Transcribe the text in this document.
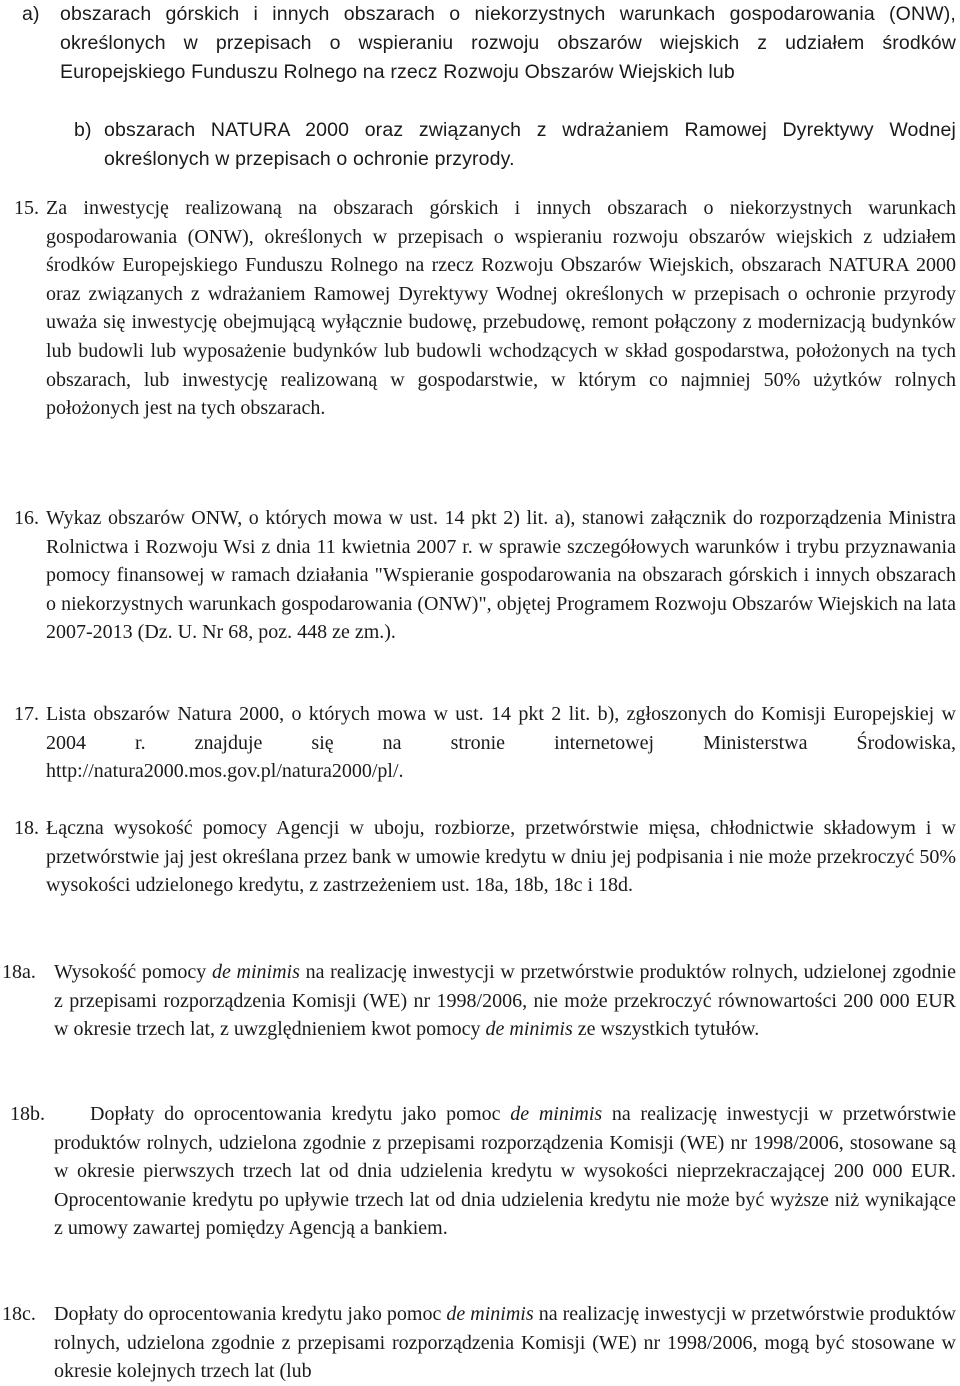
a) obszarach górskich i innych obszarach o niekorzystnych warunkach gospodarowania (ONW), określonych w przepisach o wspieraniu rozwoju obszarów wiejskich z udziałem środków Europejskiego Funduszu Rolnego na rzecz Rozwoju Obszarów Wiejskich lub
b) obszarach NATURA 2000 oraz związanych z wdrażaniem Ramowej Dyrektywy Wodnej określonych w przepisach o ochronie przyrody.
15. Za inwestycję realizowaną na obszarach górskich i innych obszarach o niekorzystnych warunkach gospodarowania (ONW), określonych w przepisach o wspieraniu rozwoju obszarów wiejskich z udziałem środków Europejskiego Funduszu Rolnego na rzecz Rozwoju Obszarów Wiejskich, obszarach NATURA 2000 oraz związanych z wdrażaniem Ramowej Dyrektywy Wodnej określonych w przepisach o ochronie przyrody uważa się inwestycję obejmującą wyłącznie budowę, przebudowę, remont połączony z modernizacją budynków lub budowli lub wyposażenie budynków lub budowli wchodzących w skład gospodarstwa, położonych na tych obszarach, lub inwestycję realizowaną w gospodarstwie, w którym co najmniej 50% użytków rolnych położonych jest na tych obszarach.
16. Wykaz obszarów ONW, o których mowa w ust. 14 pkt 2) lit. a), stanowi załącznik do rozporządzenia Ministra Rolnictwa i Rozwoju Wsi z dnia 11 kwietnia 2007 r. w sprawie szczegółowych warunków i trybu przyznawania pomocy finansowej w ramach działania "Wspieranie gospodarowania na obszarach górskich i innych obszarach o niekorzystnych warunkach gospodarowania (ONW)", objętej Programem Rozwoju Obszarów Wiejskich na lata 2007-2013 (Dz. U. Nr 68, poz. 448 ze zm.).
17. Lista obszarów Natura 2000, o których mowa w ust. 14 pkt 2 lit. b), zgłoszonych do Komisji Europejskiej w 2004 r. znajduje się na stronie internetowej Ministerstwa Środowiska, http://natura2000.mos.gov.pl/natura2000/pl/.
18. Łączna wysokość pomocy Agencji w uboju, rozbiorze, przetwórstwie mięsa, chłodnictwie składowym i w przetwórstwie jaj jest określana przez bank w umowie kredytu w dniu jej podpisania i nie może przekroczyć 50% wysokości udzielonego kredytu, z zastrzeżeniem ust. 18a, 18b, 18c i 18d.
18a. Wysokość pomocy de minimis na realizację inwestycji w przetwórstwie produktów rolnych, udzielonej zgodnie z przepisami rozporządzenia Komisji (WE) nr 1998/2006, nie może przekroczyć równowartości 200 000 EUR w okresie trzech lat, z uwzględnieniem kwot pomocy de minimis ze wszystkich tytułów.
18b.	Dopłaty do oprocentowania kredytu jako pomoc de minimis na realizację inwestycji w przetwórstwie produktów rolnych, udzielona zgodnie z przepisami rozporządzenia Komisji (WE) nr 1998/2006, stosowane są w okresie pierwszych trzech lat od dnia udzielenia kredytu w wysokości nieprzekraczającej 200 000 EUR. Oprocentowanie kredytu po upływie trzech lat od dnia udzielenia kredytu nie może być wyższe niż wynikające z umowy zawartej pomiędzy Agencją a bankiem.
18c. Dopłaty do oprocentowania kredytu jako pomoc de minimis na realizację inwestycji w przetwórstwie produktów rolnych, udzielona zgodnie z przepisami rozporządzenia Komisji (WE) nr 1998/2006, mogą być stosowane w okresie kolejnych trzech lat (lub
